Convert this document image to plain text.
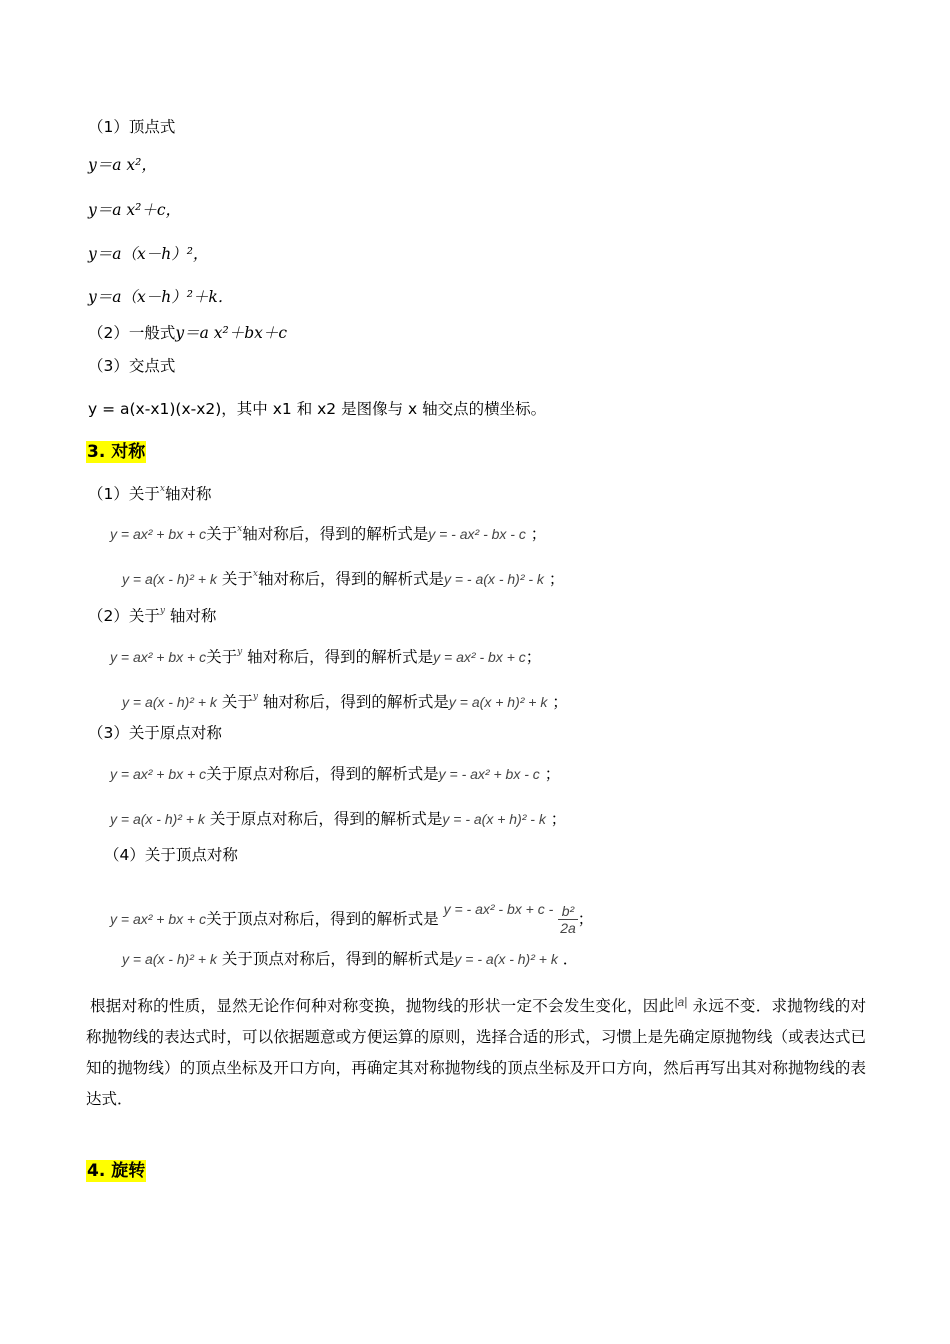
（1）顶点式
y＝a x²，
y＝a x²＋c，
y＝a（x－h）²，
y＝a（x－h）²＋k．
（2）一般式y＝a x²＋bx＋c
（3）交点式
y = a(x-x1)(x-x2)，其中 x1 和 x2 是图像与 x 轴交点的横坐标。
3. 对称
（1）关于$^x$轴对称
y = ax² + bx + c关于$^x$轴对称后，得到的解析式是y = - ax² - bx - c ；
y = a(x - h)² + k 关于$^x$轴对称后，得到的解析式是y = - a(x - h)² - k ；
（2）关于$^y$ 轴对称
y = ax² + bx + c关于$^y$ 轴对称后，得到的解析式是y = ax² - bx + c；
y = a(x - h)² + k 关于$^y$ 轴对称后，得到的解析式是y = a(x + h)² + k ；
（3）关于原点对称
y = ax² + bx + c关于原点对称后，得到的解析式是y = - ax² + bx - c ；
y = a(x - h)² + k 关于原点对称后，得到的解析式是y = - a(x + h)² - k ；
（4）关于顶点对称
y = ax² + bx + c关于顶点对称后，得到的解析式是 y = - ax² - bx + c - $\frac{\text{b²}}{2a}$ ；
y = a(x - h)² + k 关于顶点对称后，得到的解析式是y = - a(x - h)² + k ．
根据对称的性质，显然无论作何种对称变换，抛物线的形状一定不会发生变化，因此$^{|a|}$ 永远不变．求抛物线的对称抛物线的表达式时，可以依据题意或方便运算的原则，选择合适的形式，习惯上是先确定原抛物线（或表达式已知的抛物线）的顶点坐标及开口方向，再确定其对称抛物线的顶点坐标及开口方向，然后再写出其对称抛物线的表达式．
4. 旋转
